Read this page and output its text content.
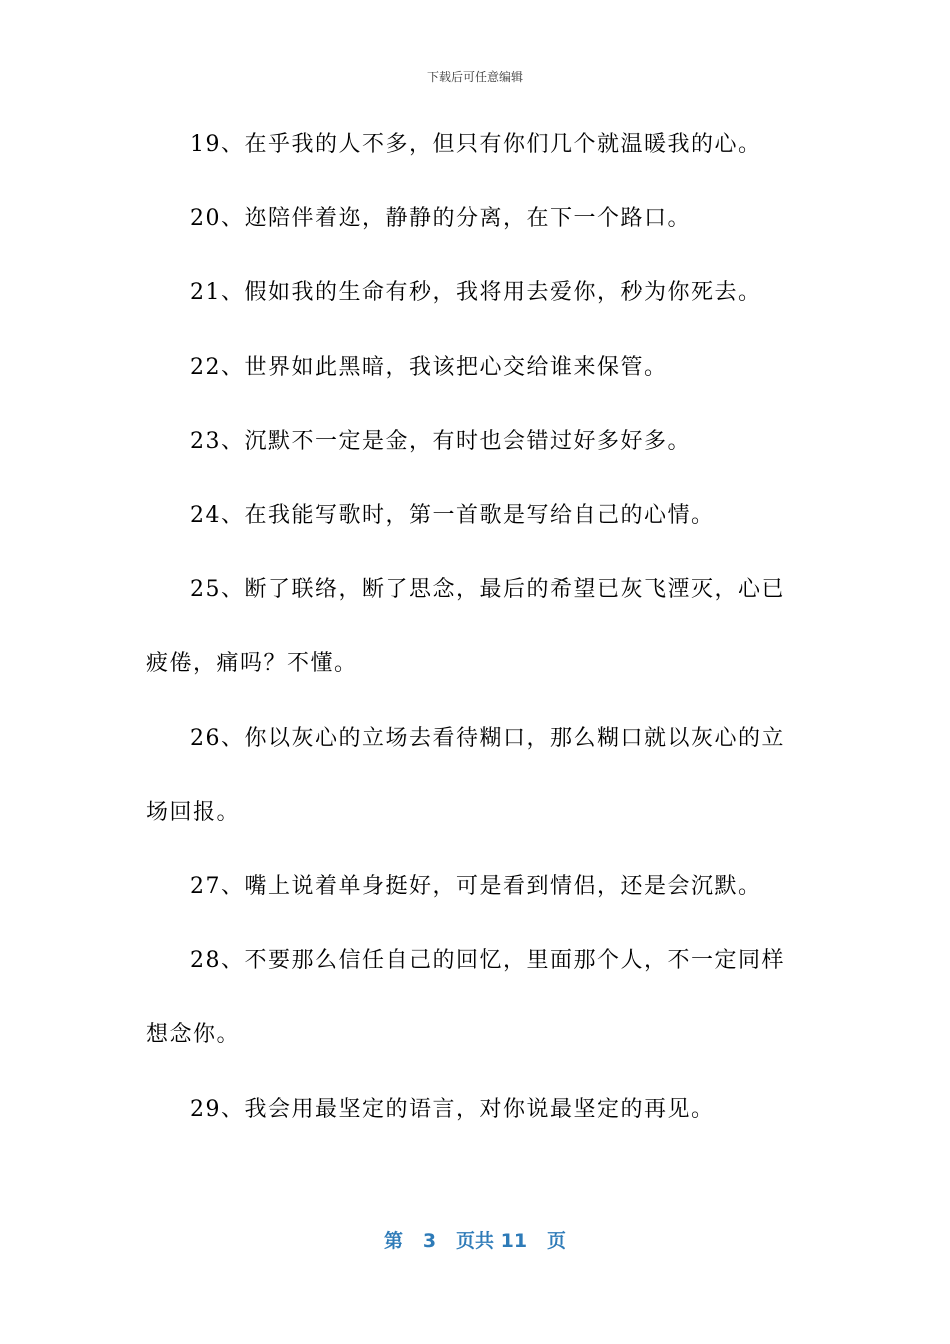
下载后可任意编辑

19、在乎我的人不多，但只有你们几个就温暖我的心。

20、迩陪伴着迩，静静的分离，在下一个路口。

21、假如我的生命有秒，我将用去爱你，秒为你死去。

22、世界如此黑暗，我该把心交给谁来保管。

23、沉默不一定是金，有时也会错过好多好多。

24、在我能写歌时，第一首歌是写给自己的心情。

25、断了联络，断了思念，最后的希望已灰飞湮灭，心已疲倦，痛吗？不懂。

26、你以灰心的立场去看待糊口，那么糊口就以灰心的立场回报。

27、嘴上说着单身挺好，可是看到情侣，还是会沉默。

28、不要那么信任自己的回忆，里面那个人，不一定同样想念你。

29、我会用最坚定的语言，对你说最坚定的再见。

第 3 页共 11 页
